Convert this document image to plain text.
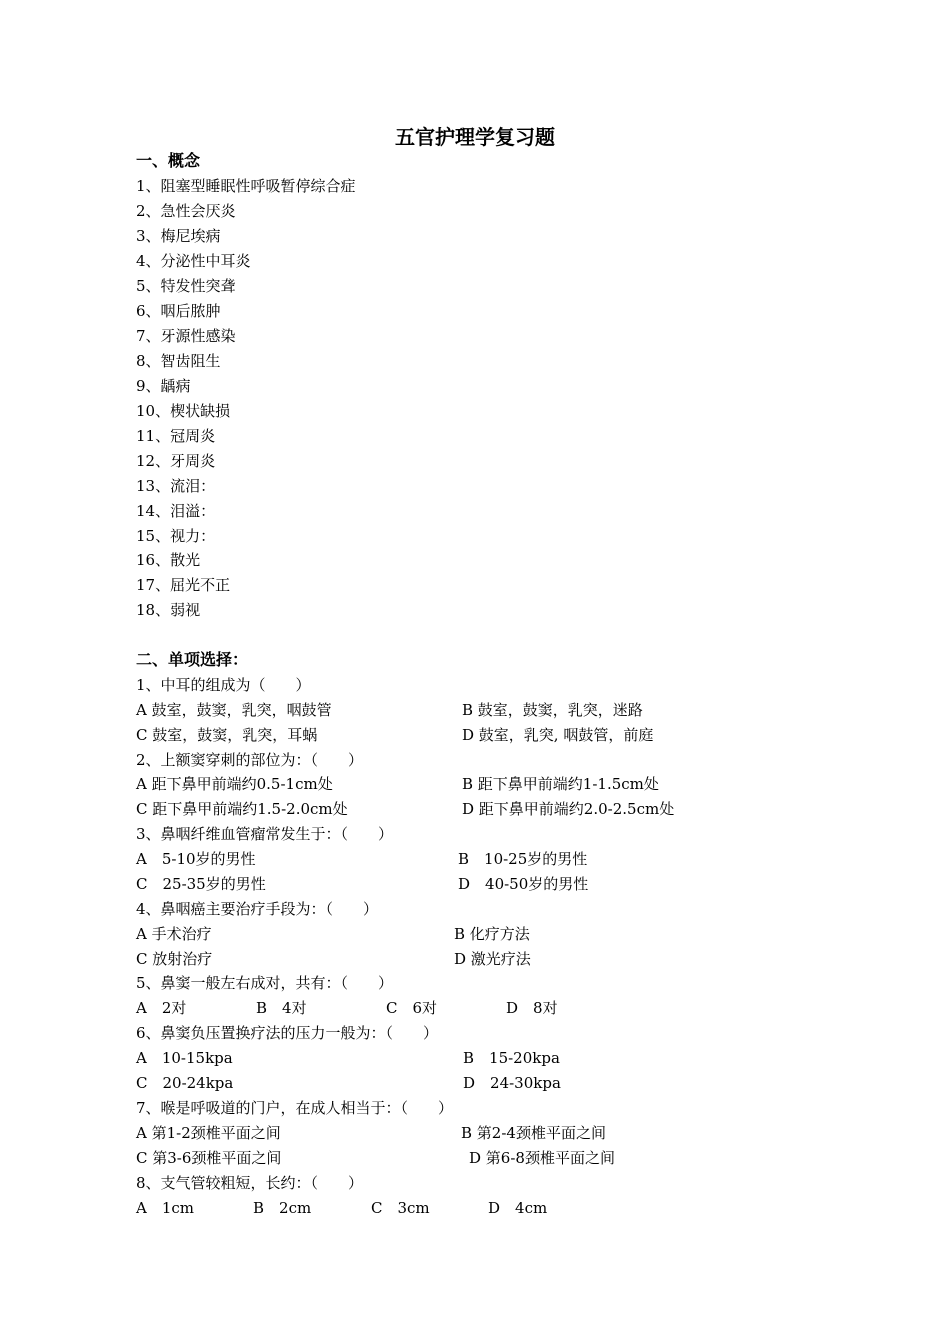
五官护理学复习题
一、概念
1、阻塞型睡眠性呼吸暂停综合症
2、急性会厌炎
3、梅尼埃病
4、分泌性中耳炎
5、特发性突聋
6、咽后脓肿
7、牙源性感染
8、智齿阻生
9、龋病
10、楔状缺损
11、冠周炎
12、牙周炎
13、流泪：
14、泪溢：
15、视力：
16、散光
17、屈光不正
18、弱视
二、单项选择：
1、中耳的组成为（　　）
A 鼓室，鼓窦，乳突，咽鼓管	B 鼓室，鼓窦，乳突，迷路
C 鼓室，鼓窦，乳突，耳蜗	D 鼓室，乳突, 咽鼓管，前庭
2、上额窦穿刺的部位为：（　　）
A 距下鼻甲前端约0.5-1cm处	B 距下鼻甲前端约1-1.5cm处
C 距下鼻甲前端约1.5-2.0cm处	D 距下鼻甲前端约2.0-2.5cm处
3、鼻咽纤维血管瘤常发生于：（　　）
A　5-10岁的男性	B　10-25岁的男性
C　25-35岁的男性	D　40-50岁的男性
4、鼻咽癌主要治疗手段为：（　　）
A 手术治疗	B 化疗方法
C 放射治疗	D 激光疗法
5、鼻窦一般左右成对，共有：（　　）
A　2对	B　4对	C　6对	D　8对
6、鼻窦负压置换疗法的压力一般为：（　　）
A　10-15kpa	B　15-20kpa
C　20-24kpa	D　24-30kpa
7、喉是呼吸道的门户，在成人相当于：（　　）
A 第1-2颈椎平面之间	B 第2-4颈椎平面之间
C 第3-6颈椎平面之间	D 第6-8颈椎平面之间
8、支气管较粗短，长约：（　　）
A　1cm	B　2cm	C　3cm	D　4cm
